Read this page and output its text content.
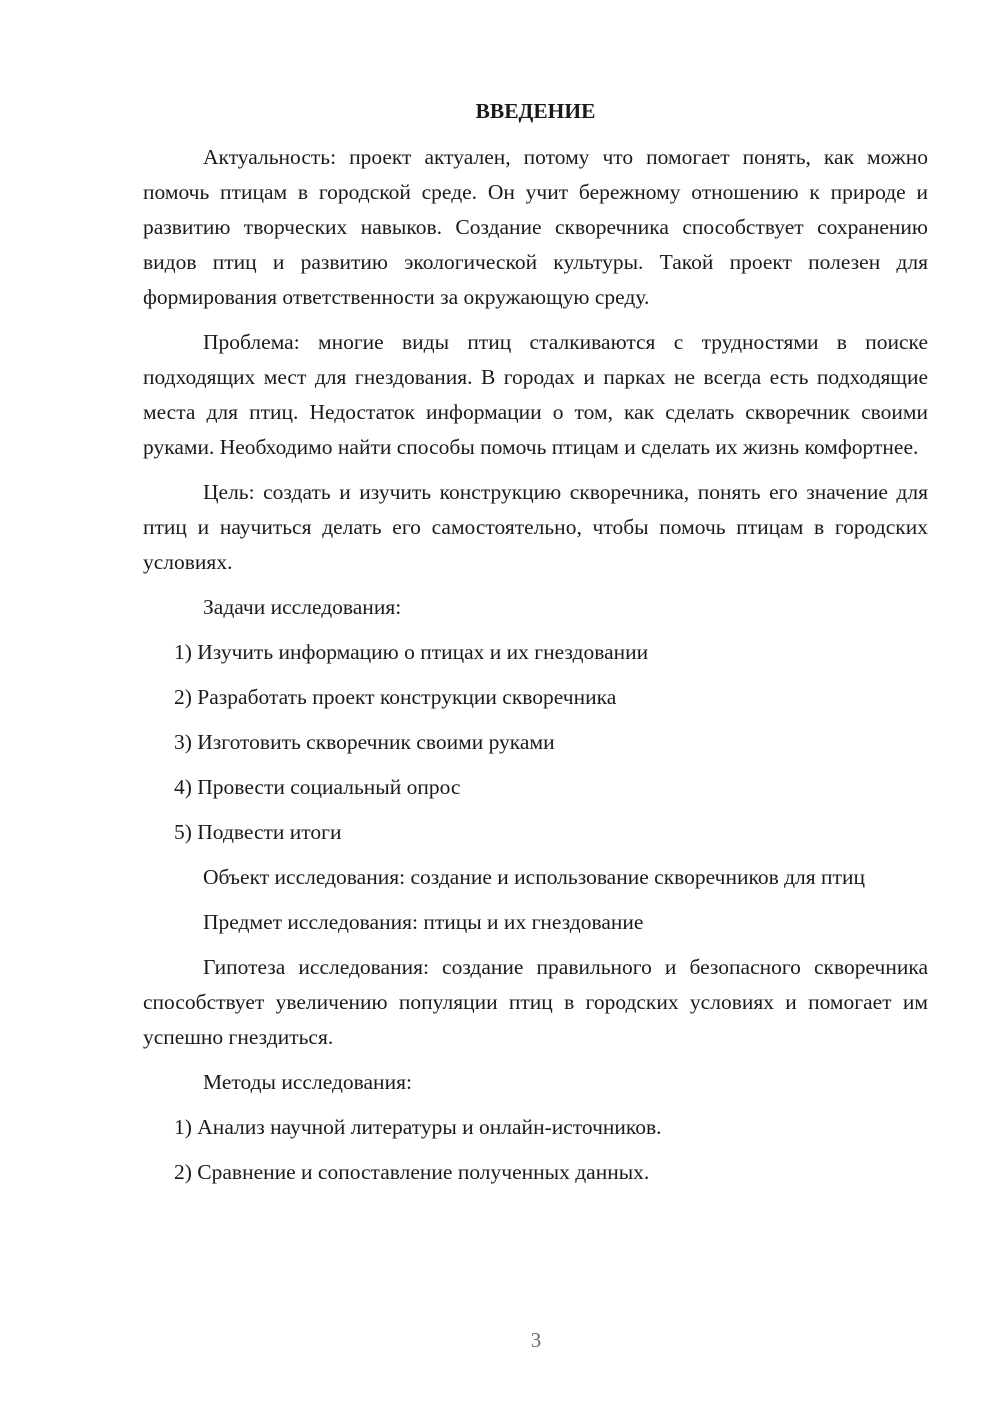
ВВЕДЕНИЕ

Актуальность: проект актуален, потому что помогает понять, как можно помочь птицам в городской среде. Он учит бережному отношению к природе и развитию творческих навыков. Создание скворечника способствует сохранению видов птиц и развитию экологической культуры. Такой проект полезен для формирования ответственности за окружающую среду.

Проблема: многие виды птиц сталкиваются с трудностями в поиске подходящих мест для гнездования. В городах и парках не всегда есть подходящие места для птиц. Недостаток информации о том, как сделать скворечник своими руками. Необходимо найти способы помочь птицам и сделать их жизнь комфортнее.

Цель: создать и изучить конструкцию скворечника, понять его значение для птиц и научиться делать его самостоятельно, чтобы помочь птицам в городских условиях.

Задачи исследования:

1) Изучить информацию о птицах и их гнездовании
2) Разработать проект конструкции скворечника
3) Изготовить скворечник своими руками
4) Провести социальный опрос
5) Подвести итоги

Объект исследования: создание и использование скворечников для птиц

Предмет исследования: птицы и их гнездование

Гипотеза исследования: создание правильного и безопасного скворечника способствует увеличению популяции птиц в городских условиях и помогает им успешно гнездиться.

Методы исследования:

1) Анализ научной литературы и онлайн-источников.
2) Сравнение и сопоставление полученных данных.
3
